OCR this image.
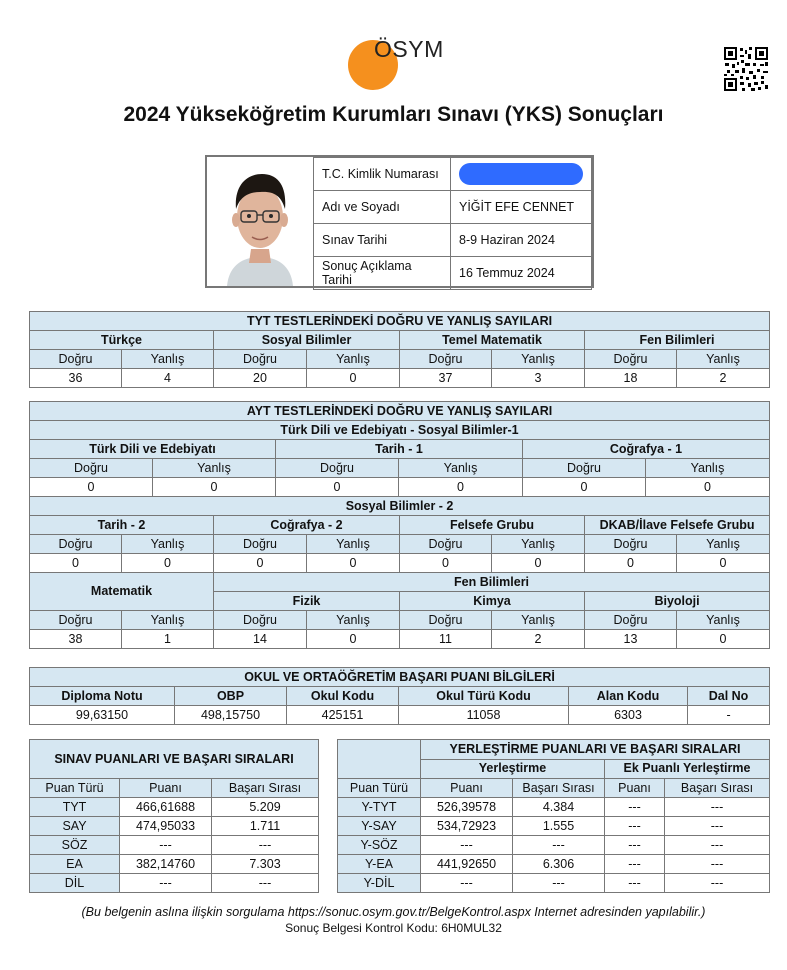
ÖSYM
2024 Yükseköğretim Kurumları Sınavı (YKS) Sonuçları
T.C. Kimlik Numarası	
Adı ve Soyadı	YİĞİT EFE CENNET
Sınav Tarihi	8-9 Haziran 2024
Sonuç Açıklama Tarihi	16 Temmuz 2024
TYT TESTLERİNDEKİ DOĞRU VE YANLIŞ SAYILARI							
Türkçe		Sosyal Bilimler		Temel Matematik		Fen Bilimleri	
Doğru	Yanlış	Doğru	Yanlış	Doğru	Yanlış	Doğru	Yanlış
36	4	20	0	37	3	18	2
AYT TESTLERİNDEKİ DOĞRU VE YANLIŞ SAYILARI					
Türk Dili ve Edebiyatı - Sosyal Bilimler-1					
Türk Dili ve Edebiyatı		Tarih - 1		Coğrafya - 1	
Doğru	Yanlış	Doğru	Yanlış	Doğru	Yanlış
0	0	0	0	0	0
Sosyal Bilimler - 2							
Tarih - 2		Coğrafya - 2		Felsefe Grubu		DKAB/İlave Felsefe Grubu	
Doğru	Yanlış	Doğru	Yanlış	Doğru	Yanlış	Doğru	Yanlış
0	0	0	0	0	0	0	0
Matematik		Fen Bilimleri					
		Fizik		Kimya		Biyoloji	
Doğru	Yanlış	Doğru	Yanlış	Doğru	Yanlış	Doğru	Yanlış
38	1	14	0	11	2	13	0
OKUL VE ORTAÖĞRETİM BAŞARI PUANI BİLGİLERİ					
Diploma Notu	OBP	Okul Kodu	Okul Türü Kodu	Alan Kodu	Dal No
99,63150	498,15750	425151	11058	6303	-
SINAV PUANLARI VE BAŞARI SIRALARI		
Puan Türü	Puanı	Başarı Sırası
TYT	466,61688	5.209
SAY	474,95033	1.711
SÖZ	---	---
EA	382,14760	7.303
DİL	---	---
	YERLEŞTİRME PUANLARI VE BAŞARI SIRALARI			
	Yerleştirme		Ek Puanlı Yerleştirme	
Puan Türü	Puanı	Başarı Sırası	Puanı	Başarı Sırası
Y-TYT	526,39578	4.384	---	---
Y-SAY	534,72923	1.555	---	---
Y-SÖZ	---	---	---	---
Y-EA	441,92650	6.306	---	---
Y-DİL	---	---	---	---
(Bu belgenin aslına ilişkin sorgulama https://sonuc.osym.gov.tr/BelgeKontrol.aspx Internet adresinden yapılabilir.)
Sonuç Belgesi Kontrol Kodu: 6H0MUL32
